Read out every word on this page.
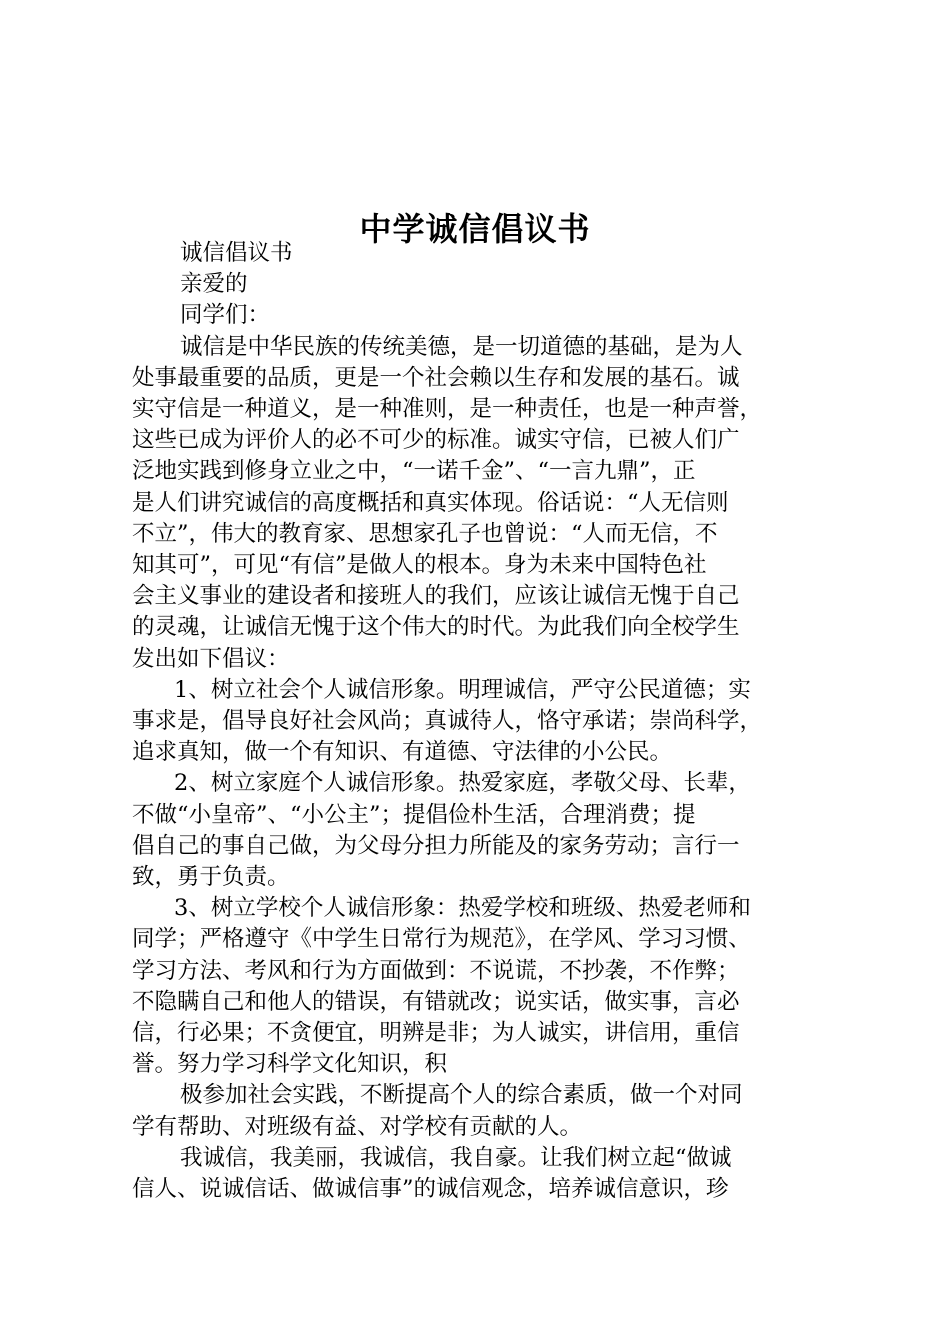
中学诚信倡议书

诚信倡议书

亲爱的

同学们：

诚信是中华民族的传统美德，是一切道德的基础，是为人

处事最重要的品质，更是一个社会赖以生存和发展的基石。诚

实守信是一种道义，是一种准则，是一种责任，也是一种声誉，

这些已成为评价人的必不可少的标准。诚实守信，已被人们广

泛地实践到修身立业之中，“一诺千金”、“一言九鼎”，正

是人们讲究诚信的高度概括和真实体现。俗话说：“人无信则

不立”，伟大的教育家、思想家孔子也曾说：“人而无信，不

知其可”，可见“有信”是做人的根本。身为未来中国特色社

会主义事业的建设者和接班人的我们，应该让诚信无愧于自己

的灵魂，让诚信无愧于这个伟大的时代。为此我们向全校学生

发出如下倡议：

1、树立社会个人诚信形象。明理诚信，严守公民道德；实

事求是，倡导良好社会风尚；真诚待人，恪守承诺；崇尚科学，

追求真知，做一个有知识、有道德、守法律的小公民。

2、树立家庭个人诚信形象。热爱家庭，孝敬父母、长辈，

不做“小皇帝”、“小公主”；提倡俭朴生活，合理消费；提

倡自己的事自己做，为父母分担力所能及的家务劳动；言行一

致，勇于负责。

3、树立学校个人诚信形象：热爱学校和班级、热爱老师和

同学；严格遵守《中学生日常行为规范》，在学风、学习习惯、

学习方法、考风和行为方面做到：不说谎，不抄袭，不作弊；

不隐瞒自己和他人的错误，有错就改；说实话，做实事，言必

信，行必果；不贪便宜，明辨是非；为人诚实，讲信用，重信

誉。努力学习科学文化知识，积

极参加社会实践，不断提高个人的综合素质，做一个对同

学有帮助、对班级有益、对学校有贡献的人。

我诚信，我美丽，我诚信，我自豪。让我们树立起“做诚

信人、说诚信话、做诚信事”的诚信观念，培养诚信意识，珍
